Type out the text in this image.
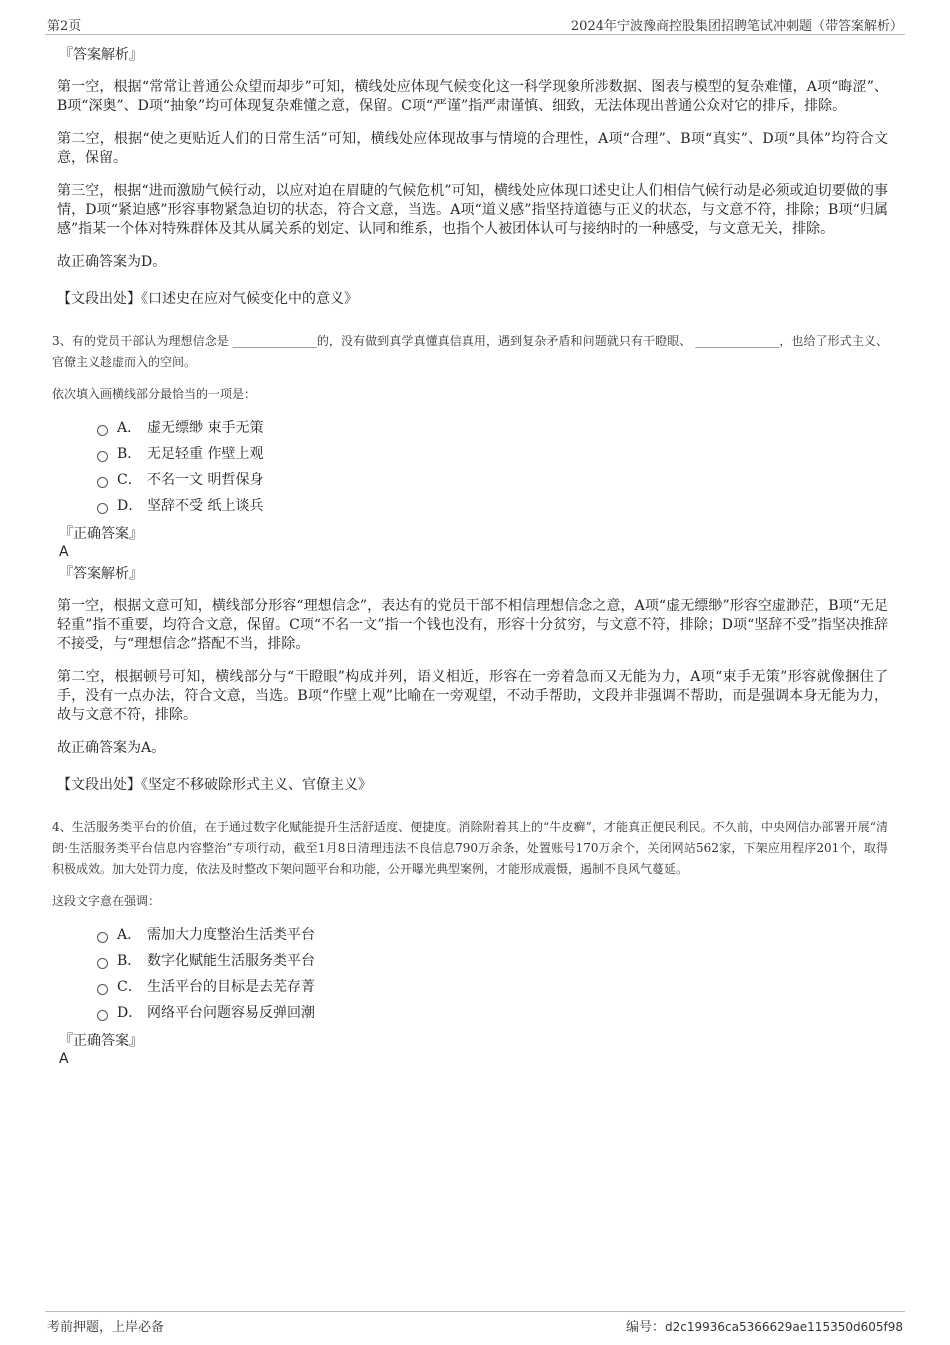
第2页	2024年宁波豫商控股集团招聘笔试冲刺题（带答案解析）
『答案解析』

第一空，根据“常常让普通公众望而却步”可知，横线处应体现气候变化这一科学现象所涉数据、图表与模型的复杂难懂，A项“晦涩”、B项“深奥”、D项“抽象”均可体现复杂难懂之意，保留。C项“严谨”指严肃谨慎、细致，无法体现出普通公众对它的排斥，排除。

第二空，根据“使之更贴近人们的日常生活”可知，横线处应体现故事与情境的合理性，A项“合理”、B项“真实”、D项“具体”均符合文意，保留。

第三空，根据“进而激励气候行动，以应对迫在眉睫的气候危机”可知，横线处应体现口述史让人们相信气候行动是必须或迫切要做的事情，D项“紧迫感”形容事物紧急迫切的状态，符合文意，当选。A项“道义感”指坚持道德与正义的状态，与文意不符，排除；B项“归属感”指某一个体对特殊群体及其从属关系的划定、认同和维系，也指个人被团体认可与接纳时的一种感受，与文意无关，排除。

故正确答案为D。

【文段出处】《口述史在应对气候变化中的意义》

3、有的党员干部认为理想信念是 ______________的，没有做到真学真懂真信真用，遇到复杂矛盾和问题就只有干瞪眼、 ______________，也给了形式主义、官僚主义趁虚而入的空间。

依次填入画横线部分最恰当的一项是：

A． 虚无缥缈 束手无策
B． 无足轻重 作壁上观
C． 不名一文 明哲保身
D． 坚辞不受 纸上谈兵
『正确答案』
A
『答案解析』

第一空，根据文意可知，横线部分形容“理想信念”，表达有的党员干部不相信理想信念之意，A项“虚无缥缈”形容空虚渺茫，B项“无足轻重”指不重要，均符合文意，保留。C项“不名一文”指一个钱也没有，形容十分贫穷，与文意不符，排除；D项“坚辞不受”指坚决推辞不接受，与“理想信念”搭配不当，排除。

第二空，根据顿号可知，横线部分与“干瞪眼”构成并列，语义相近，形容在一旁着急而又无能为力，A项“束手无策”形容就像捆住了手，没有一点办法，符合文意，当选。B项“作壁上观”比喻在一旁观望，不动手帮助，文段并非强调不帮助，而是强调本身无能为力，故与文意不符，排除。

故正确答案为A。

【文段出处】《坚定不移破除形式主义、官僚主义》

4、生活服务类平台的价值，在于通过数字化赋能提升生活舒适度、便捷度。消除附着其上的“牛皮癣”，才能真正便民利民。不久前，中央网信办部署开展“清朗·生活服务类平台信息内容整治”专项行动，截至1月8日清理违法不良信息790万余条，处置账号170万余个，关闭网站562家，下架应用程序201个，取得积极成效。加大处罚力度，依法及时整改下架问题平台和功能，公开曝光典型案例，才能形成震慑，遏制不良风气蔓延。

这段文字意在强调：

A． 需加大力度整治生活类平台
B． 数字化赋能生活服务类平台
C． 生活平台的目标是去芜存菁
D． 网络平台问题容易反弹回潮
『正确答案』
A
考前押题，上岸必备	编号：d2c19936ca5366629ae115350d605f98
